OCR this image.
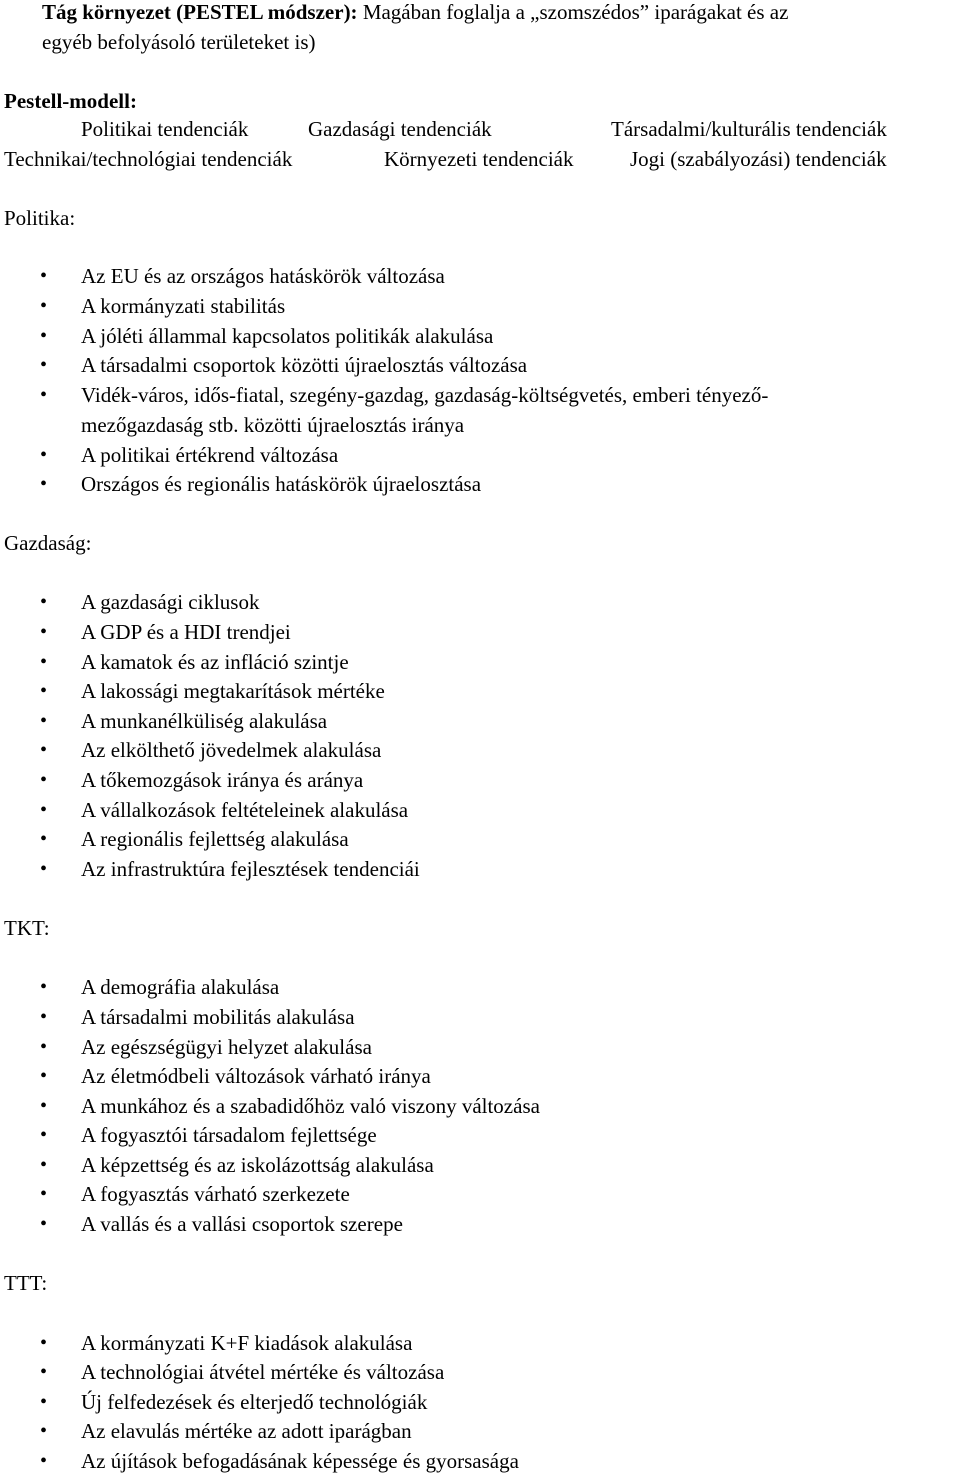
Tág környezet (PESTEL módszer): Magában foglalja a „szomszédos” iparágakat és az
egyéb befolyásoló területeket is)
Pestell-modell:
Politikai tendenciák	Gazdasági tendenciák	Társadalmi/kulturális tendenciák
Technikai/technológiai tendenciák	Környezeti tendenciák	Jogi (szabályozási) tendenciák
Politika:
• Az EU és az országos hatáskörök változása
• A kormányzati stabilitás
• A jóléti állammal kapcsolatos politikák alakulása
• A társadalmi csoportok közötti újraelosztás változása
• Vidék-város, idős-fiatal, szegény-gazdag, gazdaság-költségvetés, emberi tényező-
• A politikai értékrend változása
• Országos és regionális hatáskörök újraelosztása
mezőgazdaság stb. közötti újraelosztás iránya
Gazdaság:
• A gazdasági ciklusok
• A GDP és a HDI trendjei
• A kamatok és az infláció szintje
• A lakossági megtakarítások mértéke
• A munkanélküliség alakulása
• Az elkölthető jövedelmek alakulása
• A tőkemozgások iránya és aránya
• A vállalkozások feltételeinek alakulása
• A regionális fejlettség alakulása
• Az infrastruktúra fejlesztések tendenciái
TKT:
• A demográfia alakulása
• A társadalmi mobilitás alakulása
• Az egészségügyi helyzet alakulása
• Az életmódbeli változások várható iránya
• A munkához és a szabadidőhöz való viszony változása
• A fogyasztói társadalom fejlettsége
• A képzettség és az iskolázottság alakulása
• A fogyasztás várható szerkezete
• A vallás és a vallási csoportok szerepe
TTT:
• A kormányzati K+F kiadások alakulása
• A technológiai átvétel mértéke és változása
• Új felfedezések és elterjedő technológiák
• Az elavulás mértéke az adott iparágban
• Az újítások befogadásának képessége és gyorsasága
